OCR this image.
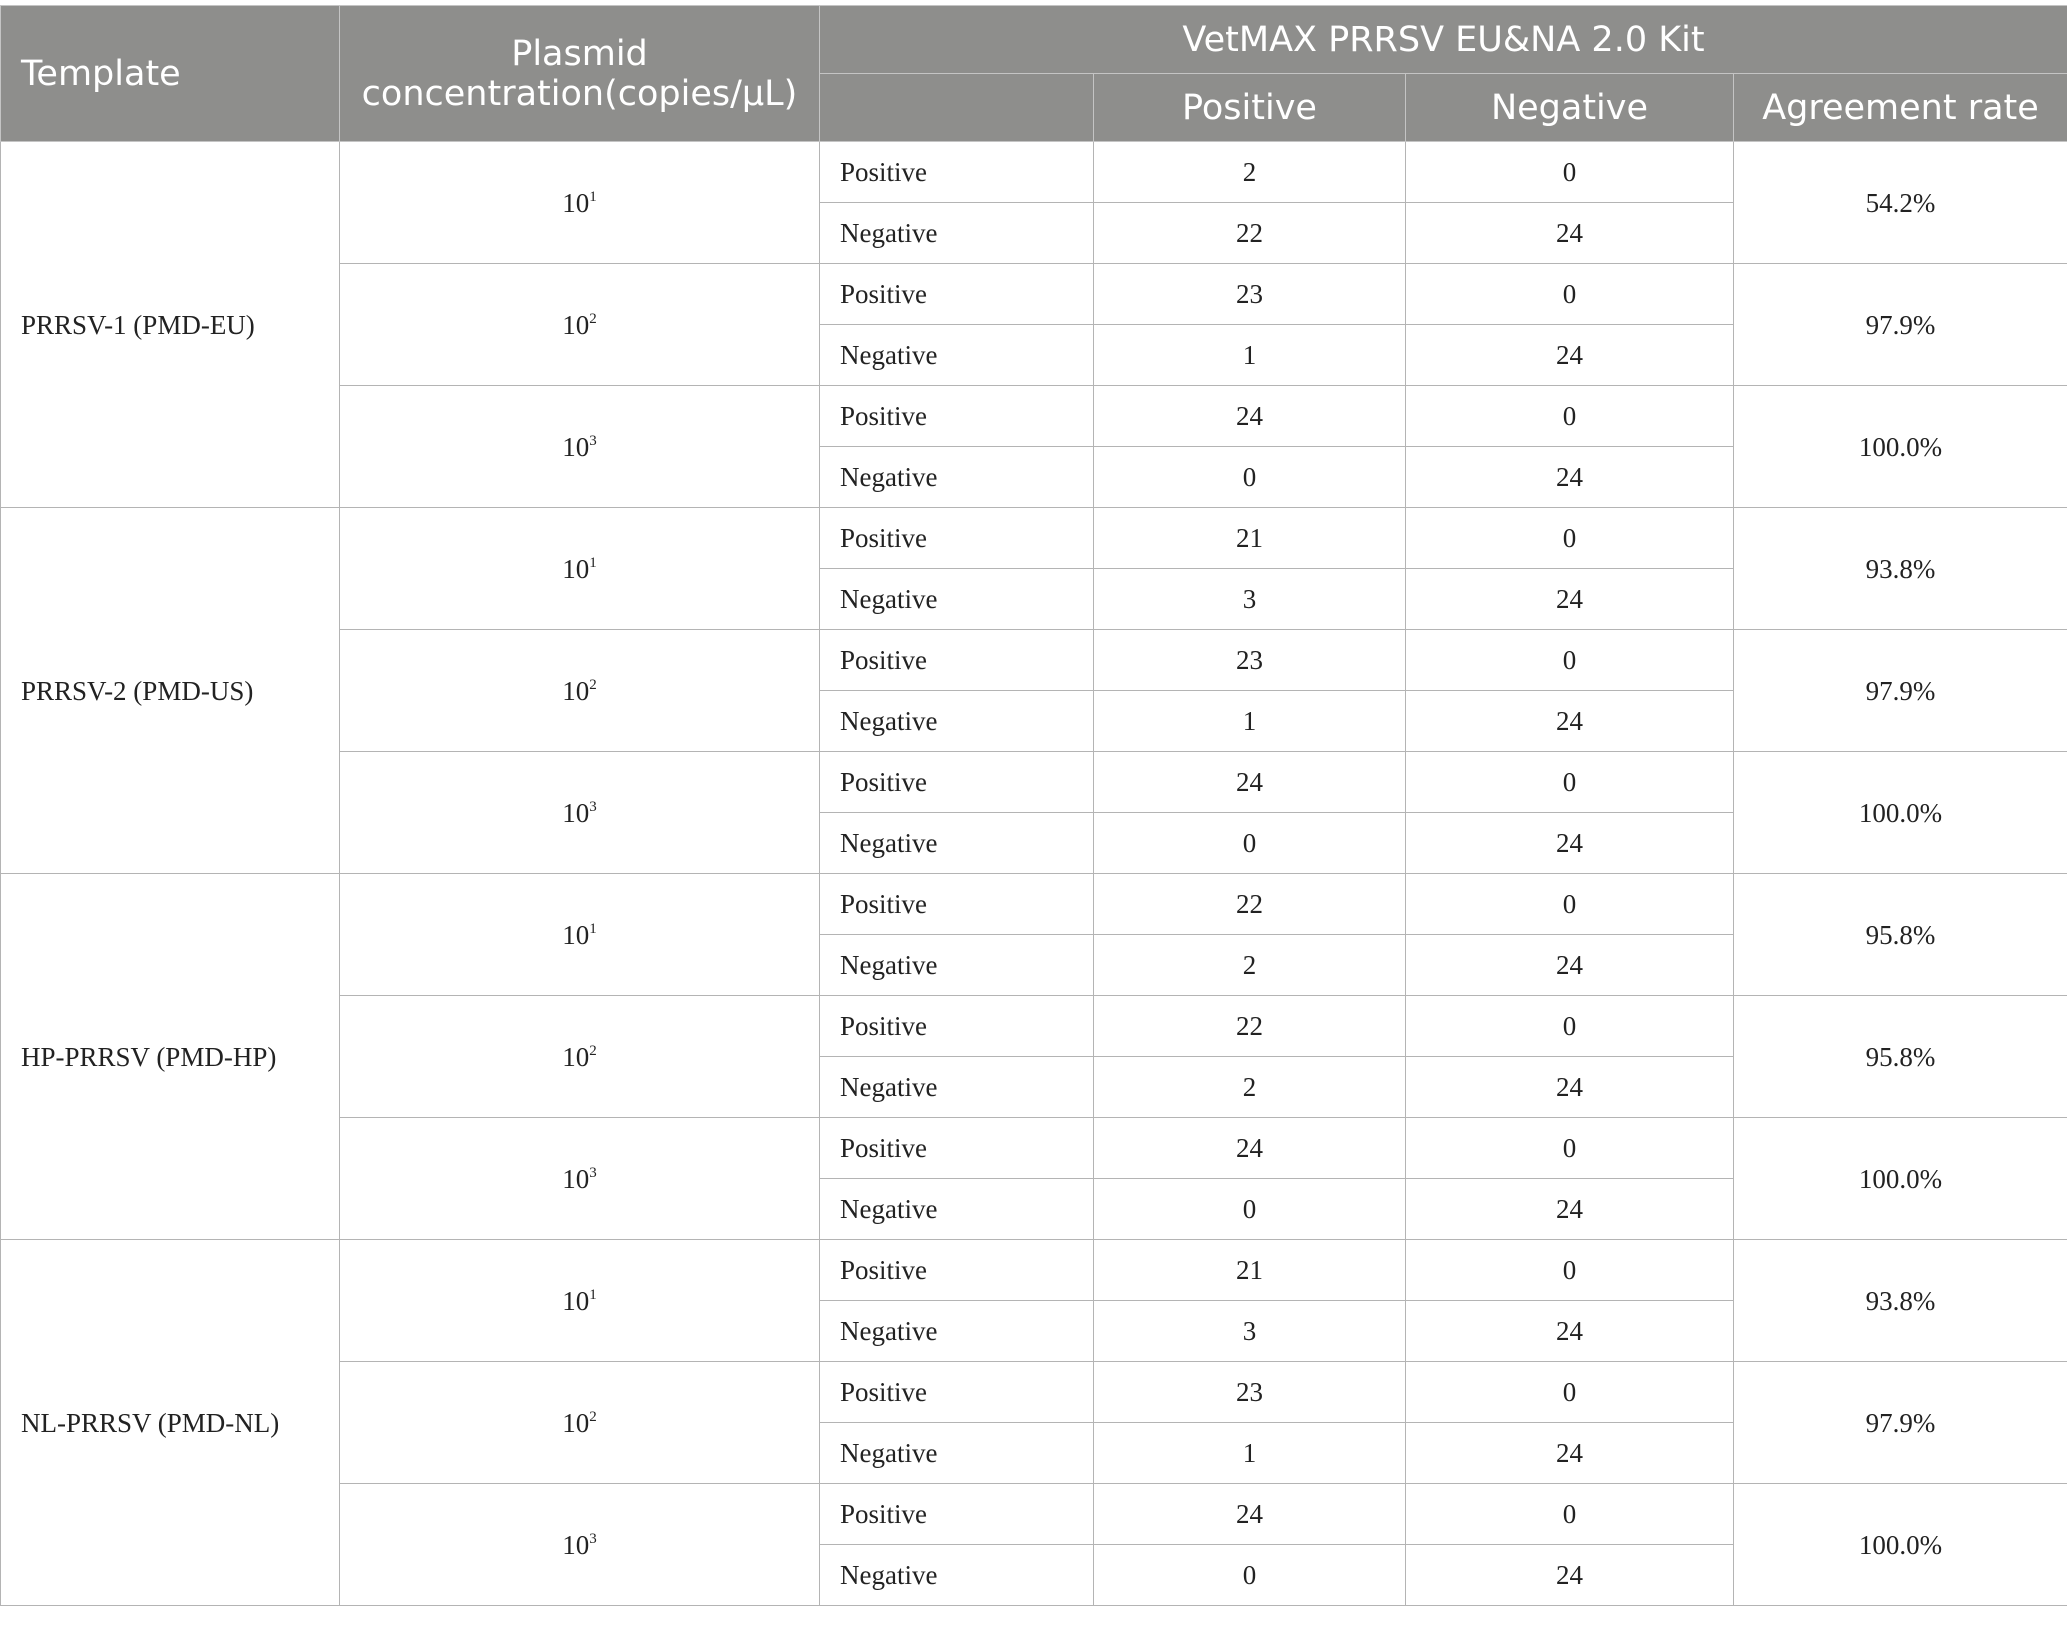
Template	Plasmid concentration(copies/μL)	VetMAX PRRSV EU&NA 2.0 Kit			
			Positive	Negative	Agreement rate
PRRSV-1 (PMD-EU)	$10^1$	Positive	2	0	54.2%
		Negative	22	24	
	$10^2$	Positive	23	0	97.9%
		Negative	1	24	
	$10^3$	Positive	24	0	100.0%
		Negative	0	24	
PRRSV-2 (PMD-US)	$10^1$	Positive	21	0	93.8%
		Negative	3	24	
	$10^2$	Positive	23	0	97.9%
		Negative	1	24	
	$10^3$	Positive	24	0	100.0%
		Negative	0	24	
HP-PRRSV (PMD-HP)	$10^1$	Positive	22	0	95.8%
		Negative	2	24	
	$10^2$	Positive	22	0	95.8%
		Negative	2	24	
	$10^3$	Positive	24	0	100.0%
		Negative	0	24	
NL-PRRSV (PMD-NL)	$10^1$	Positive	21	0	93.8%
		Negative	3	24	
	$10^2$	Positive	23	0	97.9%
		Negative	1	24	
	$10^3$	Positive	24	0	100.0%
		Negative	0	24	
